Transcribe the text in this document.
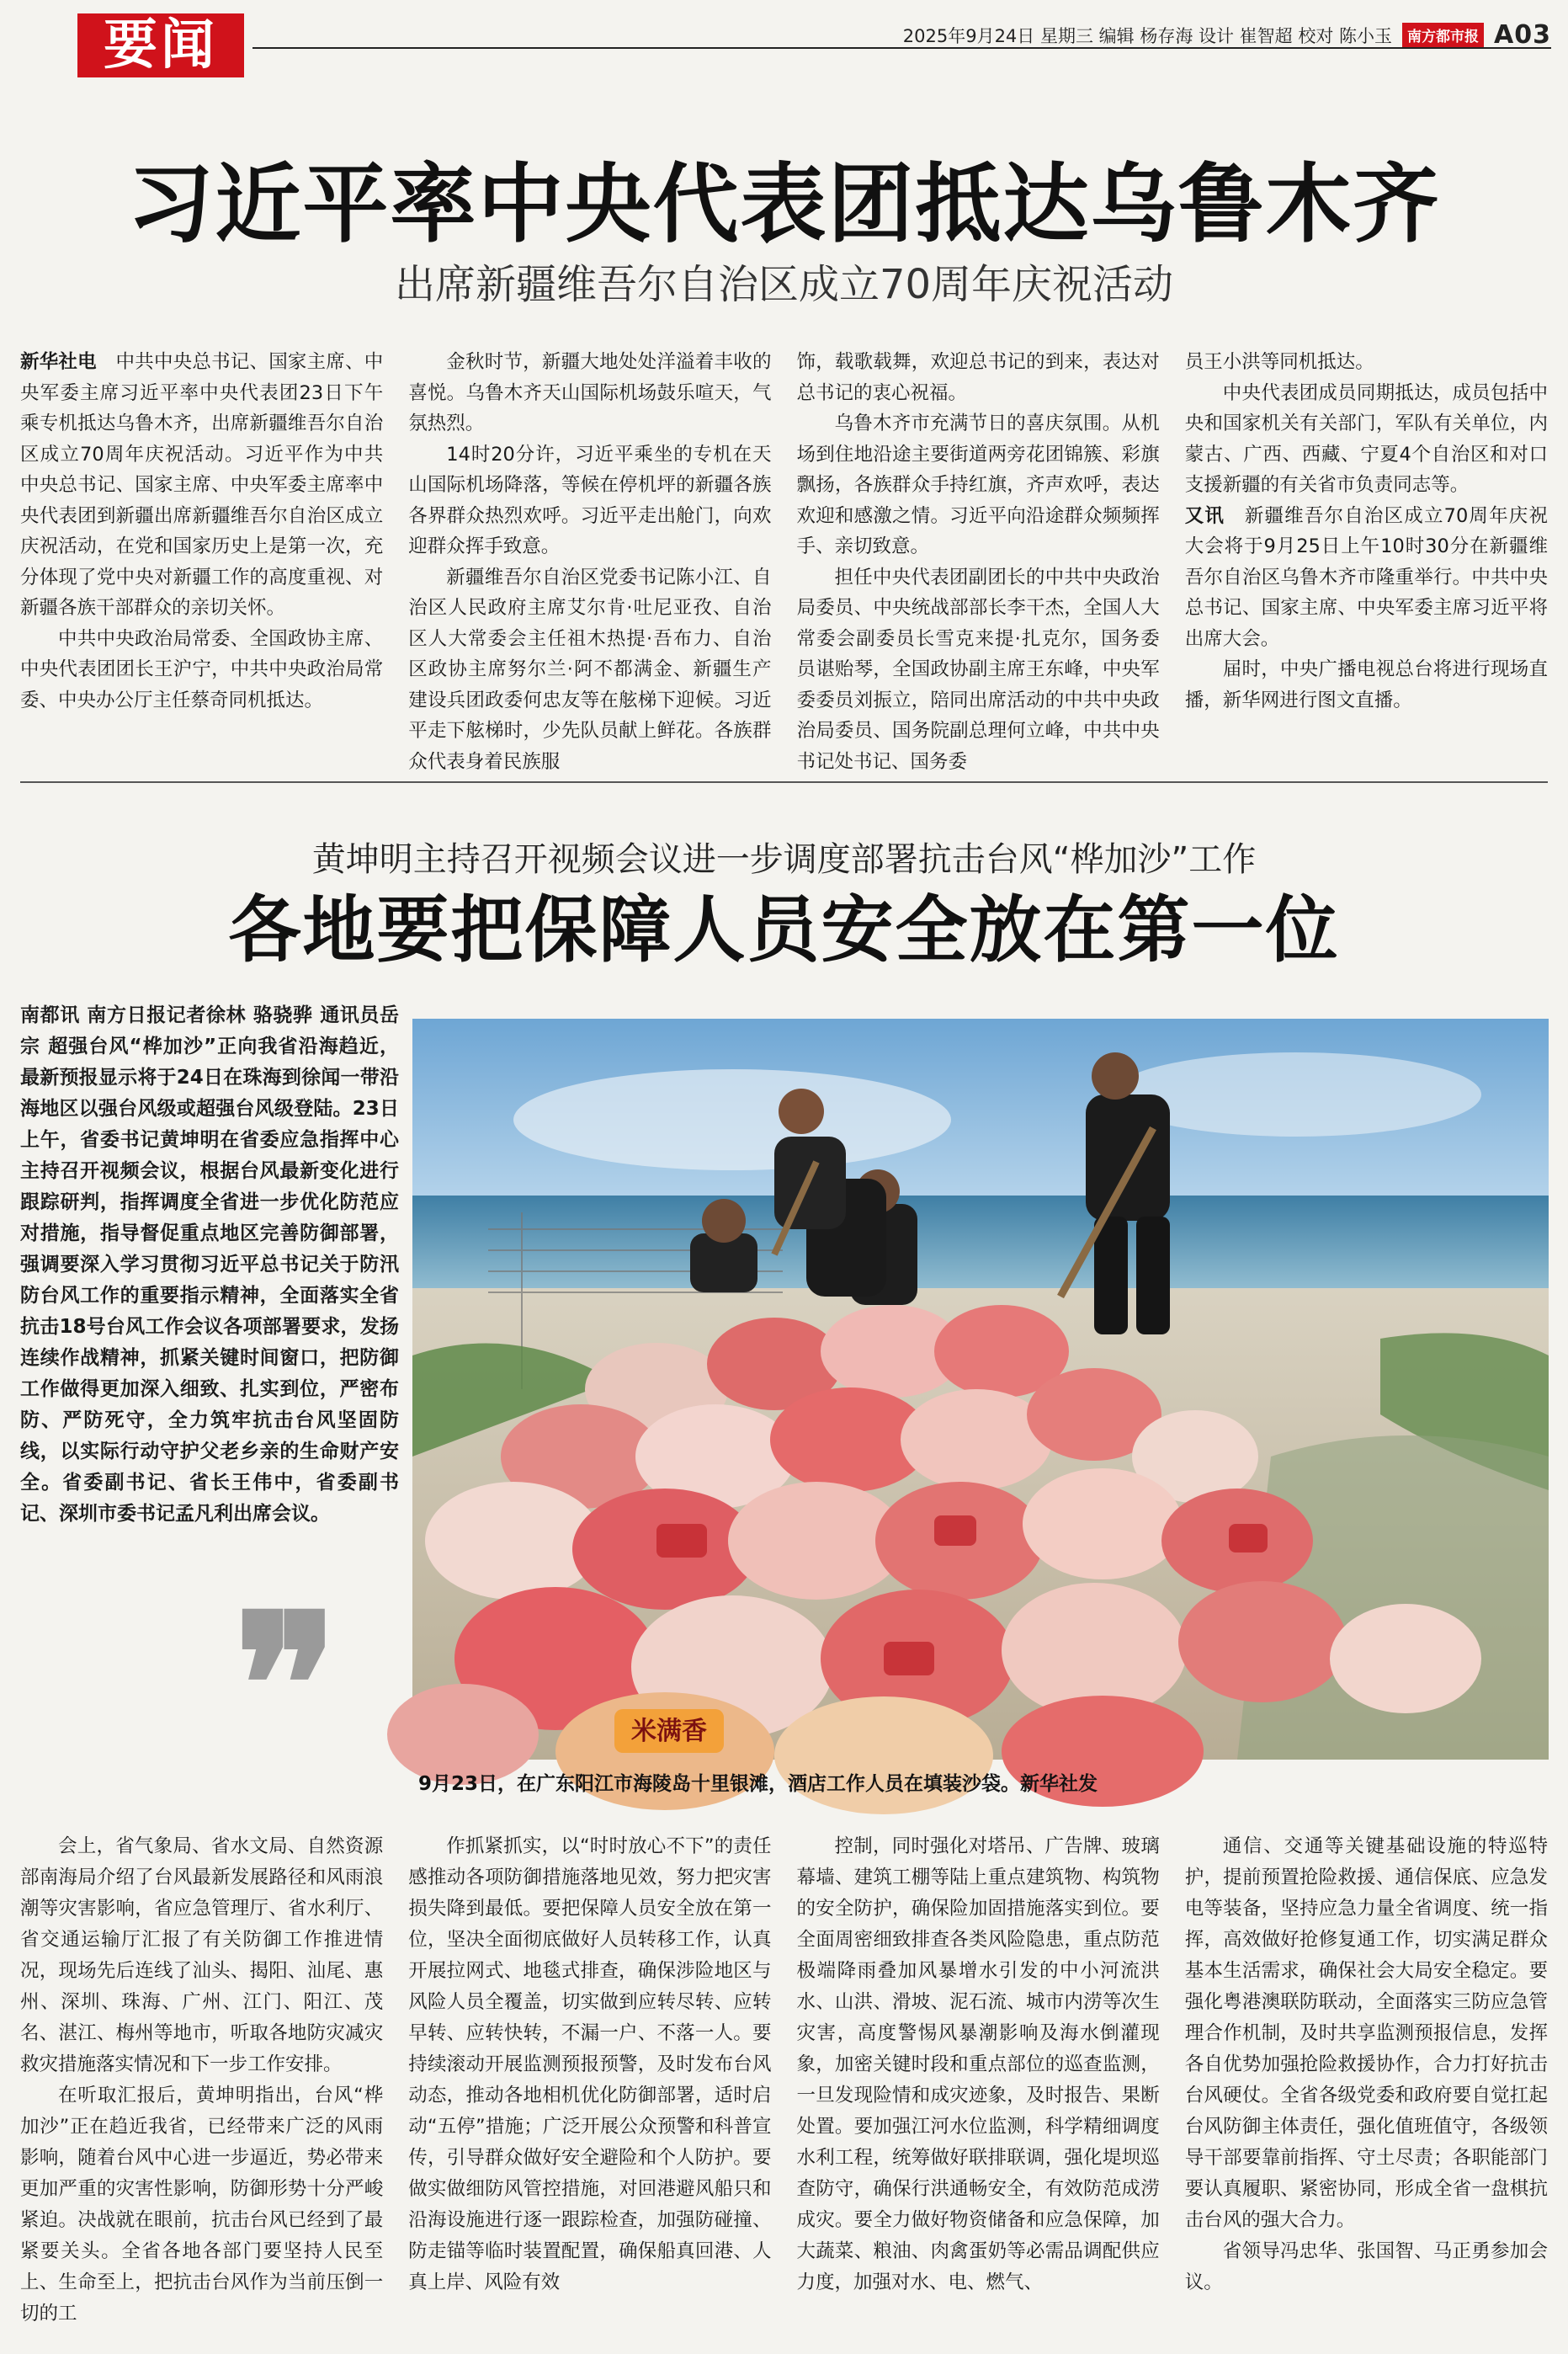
要闻	2025年9月24日 星期三 编辑 杨存海 设计 崔智超 校对 陈小玉	南方都市报 A03
习近平率中央代表团抵达乌鲁木齐
出席新疆维吾尔自治区成立70周年庆祝活动

新华社电　 中共中央总书记、国家主席、中央军委主席习近平率中央代表团23日下午乘专机抵达乌鲁木齐，出席新疆维吾尔自治区成立70周年庆祝活动。习近平作为中共中央总书记、国家主席、中央军委主席率中央代表团到新疆出席新疆维吾尔自治区成立庆祝活动，在党和国家历史上是第一次，充分体现了党中央对新疆工作的高度重视、对新疆各族干部群众的亲切关怀。

中共中央政治局常委、全国政协主席、中央代表团团长王沪宁，中共中央政治局常委、中央办公厅主任蔡奇同机抵达。

金秋时节，新疆大地处处洋溢着丰收的喜悦。乌鲁木齐天山国际机场鼓乐喧天，气氛热烈。

14时20分许，习近平乘坐的专机在天山国际机场降落，等候在停机坪的新疆各族各界群众热烈欢呼。习近平走出舱门，向欢迎群众挥手致意。

新疆维吾尔自治区党委书记陈小江、自治区人民政府主席艾尔肯·吐尼亚孜、自治区人大常委会主任祖木热提·吾布力、自治区政协主席努尔兰·阿不都满金、新疆生产建设兵团政委何忠友等在舷梯下迎候。习近平走下舷梯时，少先队员献上鲜花。各族群众代表身着民族服

饰，载歌载舞，欢迎总书记的到来，表达对总书记的衷心祝福。

乌鲁木齐市充满节日的喜庆氛围。从机场到住地沿途主要街道两旁花团锦簇、彩旗飘扬，各族群众手持红旗，齐声欢呼，表达欢迎和感激之情。习近平向沿途群众频频挥手、亲切致意。

担任中央代表团副团长的中共中央政治局委员、中央统战部部长李干杰，全国人大常委会副委员长雪克来提·扎克尔，国务委员谌贻琴，全国政协副主席王东峰，中央军委委员刘振立，陪同出席活动的中共中央政治局委员、国务院副总理何立峰，中共中央书记处书记、国务委

员王小洪等同机抵达。

中央代表团成员同期抵达，成员包括中央和国家机关有关部门，军队有关单位，内蒙古、广西、西藏、宁夏4个自治区和对口支援新疆的有关省市负责同志等。

又讯　 新疆维吾尔自治区成立70周年庆祝大会将于9月25日上午10时30分在新疆维吾尔自治区乌鲁木齐市隆重举行。中共中央总书记、国家主席、中央军委主席习近平将出席大会。

届时，中央广播电视总台将进行现场直播，新华网进行图文直播。

黄坤明主持召开视频会议进一步调度部署抗击台风“桦加沙”工作
各地要把保障人员安全放在第一位

南都讯 南方日报记者徐林 骆骁骅 通讯员岳宗 超强台风“桦加沙”正向我省沿海趋近，最新预报显示将于24日在珠海到徐闻一带沿海地区以强台风级或超强台风级登陆。23日上午，省委书记黄坤明在省委应急指挥中心主持召开视频会议，根据台风最新变化进行跟踪研判，指挥调度全省进一步优化防范应对措施，指导督促重点地区完善防御部署，强调要深入学习贯彻习近平总书记关于防汛防台风工作的重要指示精神，全面落实全省抗击18号台风工作会议各项部署要求，发扬连续作战精神，抓紧关键时间窗口，把防御工作做得更加深入细致、扎实到位，严密布防、严防死守，全力筑牢抗击台风坚固防线，以实际行动守护父老乡亲的生命财产安全。省委副书记、省长王伟中，省委副书记、深圳市委书记孟凡利出席会议。

❞	米满香
9月23日，在广东阳江市海陵岛十里银滩，酒店工作人员在填装沙袋。新华社发

会上，省气象局、省水文局、自然资源部南海局介绍了台风最新发展路径和风雨浪潮等灾害影响，省应急管理厅、省水利厅、省交通运输厅汇报了有关防御工作推进情况，现场先后连线了汕头、揭阳、汕尾、惠州、深圳、珠海、广州、江门、阳江、茂名、湛江、梅州等地市，听取各地防灾减灾救灾措施落实情况和下一步工作安排。

在听取汇报后，黄坤明指出，台风“桦加沙”正在趋近我省，已经带来广泛的风雨影响，随着台风中心进一步逼近，势必带来更加严重的灾害性影响，防御形势十分严峻紧迫。决战就在眼前，抗击台风已经到了最紧要关头。全省各地各部门要坚持人民至上、生命至上，把抗击台风作为当前压倒一切的工

作抓紧抓实，以“时时放心不下”的责任感推动各项防御措施落地见效，努力把灾害损失降到最低。要把保障人员安全放在第一位，坚决全面彻底做好人员转移工作，认真开展拉网式、地毯式排查，确保涉险地区与风险人员全覆盖，切实做到应转尽转、应转早转、应转快转，不漏一户、不落一人。要持续滚动开展监测预报预警，及时发布台风动态，推动各地相机优化防御部署，适时启动“五停”措施；广泛开展公众预警和科普宣传，引导群众做好安全避险和个人防护。要做实做细防风管控措施，对回港避风船只和沿海设施进行逐一跟踪检查，加强防碰撞、防走锚等临时装置配置，确保船真回港、人真上岸、风险有效

控制，同时强化对塔吊、广告牌、玻璃幕墙、建筑工棚等陆上重点建筑物、构筑物的安全防护，确保险加固措施落实到位。要全面周密细致排查各类风险隐患，重点防范极端降雨叠加风暴增水引发的中小河流洪水、山洪、滑坡、泥石流、城市内涝等次生灾害，高度警惕风暴潮影响及海水倒灌现象，加密关键时段和重点部位的巡查监测，一旦发现险情和成灾迹象，及时报告、果断处置。要加强江河水位监测，科学精细调度水利工程，统筹做好联排联调，强化堤坝巡查防守，确保行洪通畅安全，有效防范成涝成灾。要全力做好物资储备和应急保障，加大蔬菜、粮油、肉禽蛋奶等必需品调配供应力度，加强对水、电、燃气、

通信、交通等关键基础设施的特巡特护，提前预置抢险救援、通信保底、应急发电等装备，坚持应急力量全省调度、统一指挥，高效做好抢修复通工作，切实满足群众基本生活需求，确保社会大局安全稳定。要强化粤港澳联防联动，全面落实三防应急管理合作机制，及时共享监测预报信息，发挥各自优势加强抢险救援协作，合力打好抗击台风硬仗。全省各级党委和政府要自觉扛起台风防御主体责任，强化值班值守，各级领导干部要靠前指挥、守土尽责；各职能部门要认真履职、紧密协同，形成全省一盘棋抗击台风的强大合力。

省领导冯忠华、张国智、马正勇参加会议。
